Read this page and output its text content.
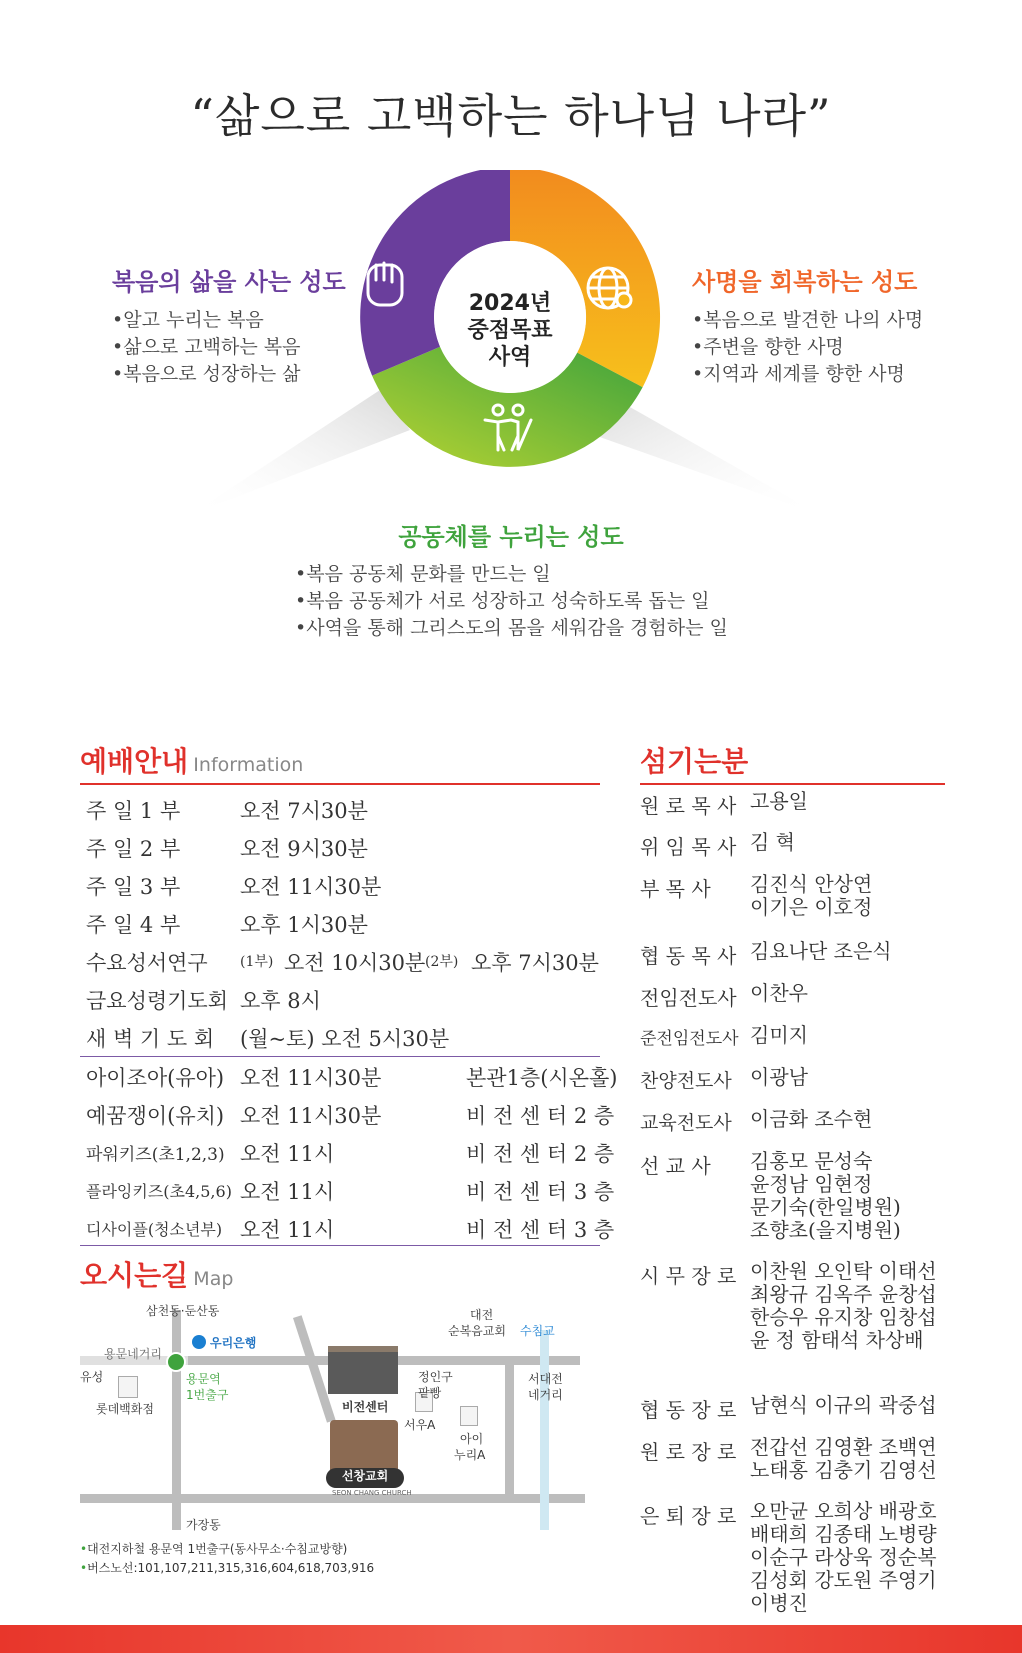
“삶으로 고백하는 하나님 나라”
2024년
중점목표
사역
복음의 삶을 사는 성도
• 알고 누리는 복음
• 삶으로 고백하는 복음
• 복음으로 성장하는 삶
사명을 회복하는 성도
• 복음으로 발견한 나의 사명
• 주변을 향한 사명
• 지역과 세계를 향한 사명
공동체를 누리는 성도
• 복음 공동체 문화를 만드는 일
• 복음 공동체가 서로 성장하고 성숙하도록 돕는 일
• 사역을 통해 그리스도의 몸을 세워감을 경험하는 일
예배안내 Information
주 일 1 부	오전 7시30분
주 일 2 부	오전 9시30분
주 일 3 부	오전 11시30분
주 일 4 부	오후 1시30분
수요성서연구 (1부) 오전 10시30분 (2부) 오후 7시30분
금요성령기도회 오후 8시
새 벽 기 도 회 (월~토) 오전 5시30분
아이조아(유아) 오전 11시30분	본관1층(시온홀)
예꿈쟁이(유치) 오전 11시30분	비 전 센 터 2 층
파워키즈(초1,2,3) 오전 11시	비 전 센 터 2 층
플라잉키즈(초4,5,6) 오전 11시	비 전 센 터 3 층
디사이플(청소년부) 오전 11시	비 전 센 터 3 층
오시는길 Map
우리은행
선창교회
SEON CHANG CHURCH
삼천동·둔산동
용문네거리
유성
롯데백화점
용문역
1번출구
대전
순복음교회 수침교
서대전
네거리
정인구
팥빵
비전센터
서우A
아이
누리A
가장동
•대전지하철 용문역 1번출구(동사무소·수침교방향)
•버스노선:101,107,211,315,316,604,618,703,916
섬기는분
원 로 목 사 고용일
위 임 목 사 김 혁
부 목 사	김진식 안상연
이기은 이호정
협 동 목 사 김요나단 조은식
전임전도사 이찬우
준전임전도사 김미지
찬양전도사 이광남
교육전도사 이금화 조수현
선 교 사	김홍모 문성숙
윤정남 임현정
문기숙(한일병원)
조향초(을지병원)
시 무 장 로 이찬원 오인탁 이태선
최왕규 김옥주 윤창섭
한승우 유지창 임창섭
윤 정 함태석 차상배
협 동 장 로 남현식 이규의 곽중섭
원 로 장 로 전갑선 김영환 조백연
노태홍 김충기 김영선
은 퇴 장 로 오만균 오희상 배광호
배태희 김종태 노병량
이순구 라상욱 정순복
김성회 강도원 주영기
이병진
